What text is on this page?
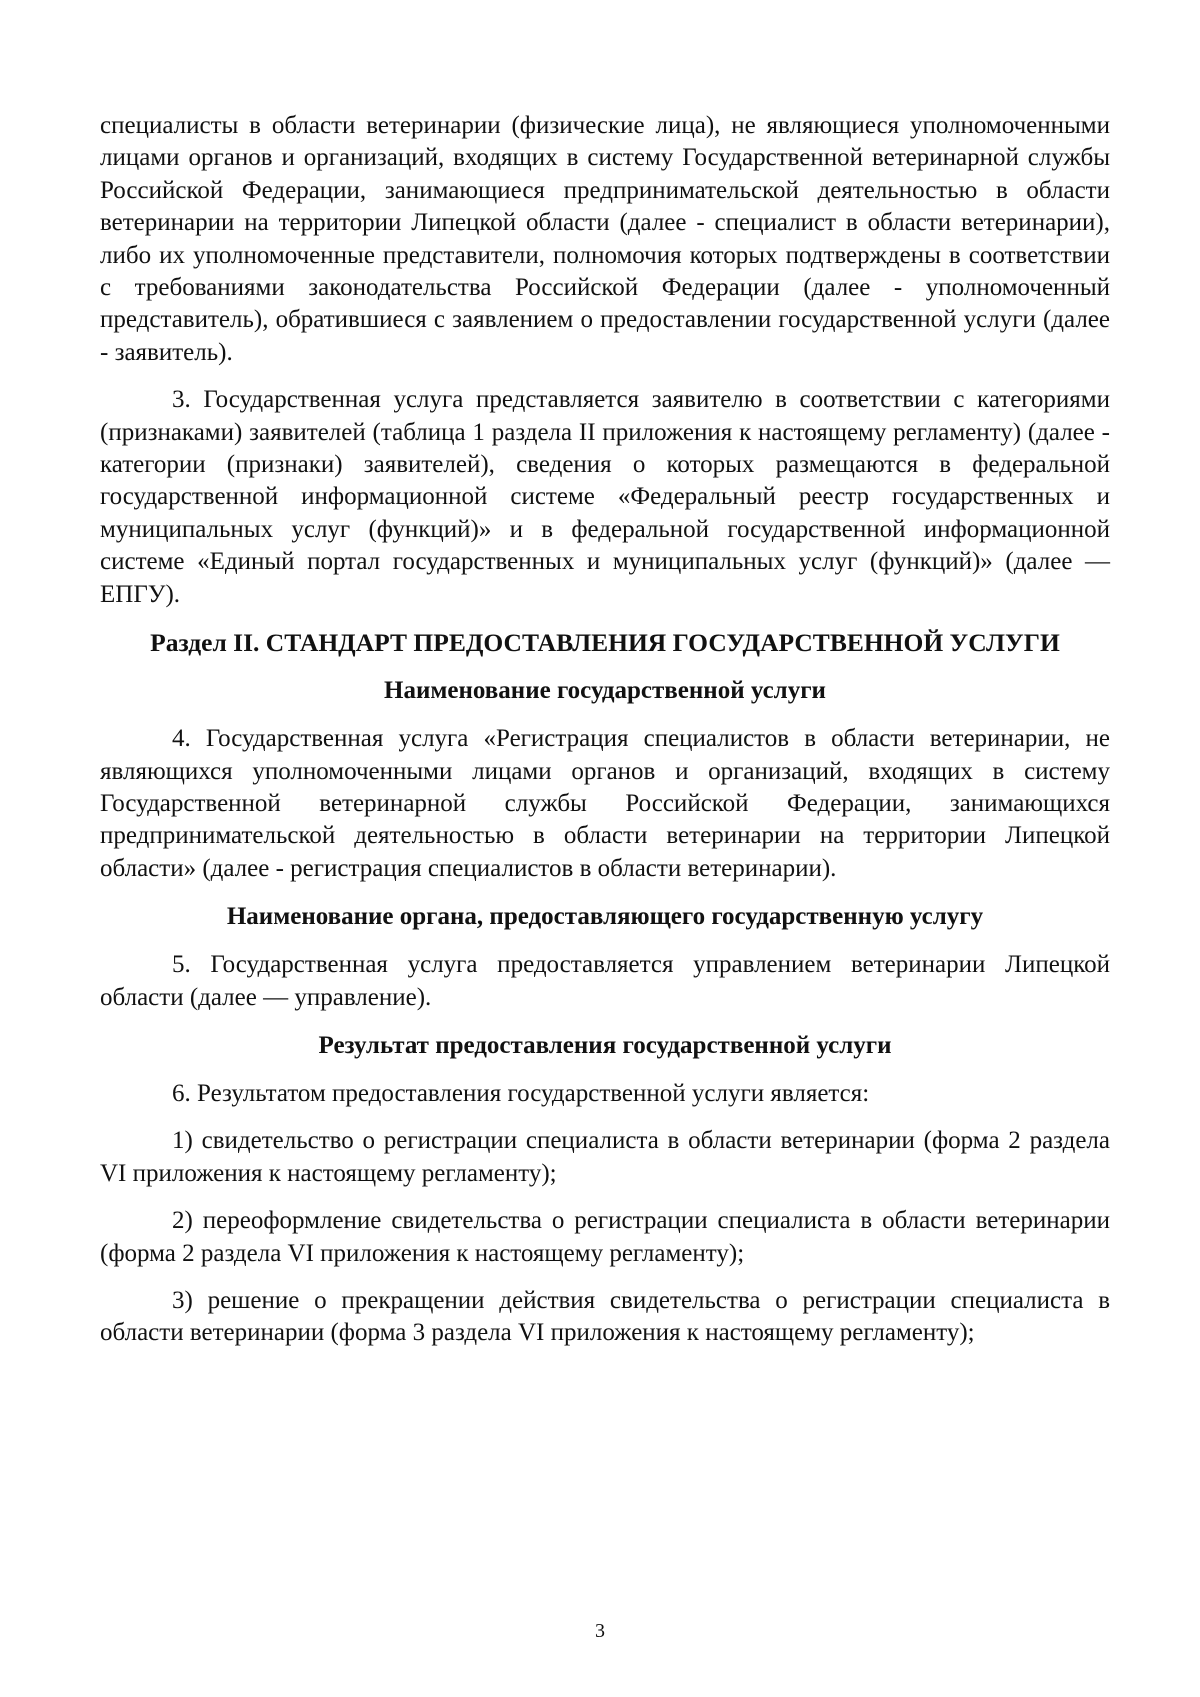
специалисты в области ветеринарии (физические лица), не являющиеся уполномоченными лицами органов и организаций, входящих в систему Государственной ветеринарной службы Российской Федерации, занимающиеся предпринимательской деятельностью в области ветеринарии на территории Липецкой области (далее - специалист в области ветеринарии), либо их уполномоченные представители, полномочия которых подтверждены в соответствии с требованиями законодательства Российской Федерации (далее - уполномоченный представитель), обратившиеся с заявлением о предоставлении государственной услуги (далее - заявитель).

3. Государственная услуга представляется заявителю в соответствии с категориями (признаками) заявителей (таблица 1 раздела II приложения к настоящему регламенту) (далее - категории (признаки) заявителей), сведения о которых размещаются в федеральной государственной информационной системе «Федеральный реестр государственных и муниципальных услуг (функций)» и в федеральной государственной информационной системе «Единый портал государственных и муниципальных услуг (функций)» (далее — ЕПГУ).

Раздел II. СТАНДАРТ ПРЕДОСТАВЛЕНИЯ ГОСУДАРСТВЕННОЙ УСЛУГИ
Наименование государственной услуги

4. Государственная услуга «Регистрация специалистов в области ветеринарии, не являющихся уполномоченными лицами органов и организаций, входящих в систему Государственной ветеринарной службы Российской Федерации, занимающихся предпринимательской деятельностью в области ветеринарии на территории Липецкой области» (далее - регистрация специалистов в области ветеринарии).

Наименование органа, предоставляющего государственную услугу

5. Государственная услуга предоставляется управлением ветеринарии Липецкой области (далее — управление).

Результат предоставления государственной услуги

6. Результатом предоставления государственной услуги является:

1) свидетельство о регистрации специалиста в области ветеринарии (форма 2 раздела VI приложения к настоящему регламенту);

2) переоформление свидетельства о регистрации специалиста в области ветеринарии (форма 2 раздела VI приложения к настоящему регламенту);

3) решение о прекращении действия свидетельства о регистрации специалиста в области ветеринарии (форма 3 раздела VI приложения к настоящему регламенту);

3
